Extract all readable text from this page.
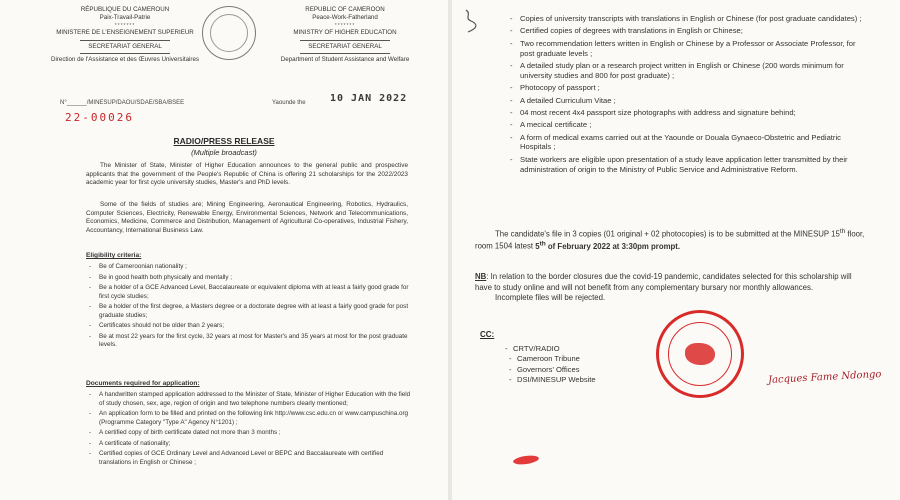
RÉPUBLIQUE DU CAMEROUN
Paix-Travail-Patrie
*******
MINISTERE DE L'ENSEIGNEMENT SUPERIEUR
SECRETARIAT GENERAL
Direction de l'Assistance et des Œuvres Universitaires
REPUBLIC OF CAMEROON
Peace-Work-Fatherland
*******
MINISTRY OF HIGHER EDUCATION
SECRETARIAT GENERAL
Department of Student Assistance and Welfare
N°______/MINESUP/DAOU/SDAE/SBA/BSEE	Yaounde the 10 JAN 2022
22-00026
RADIO/PRESS RELEASE
(Multiple broadcast)
The Minister of State, Minister of Higher Education announces to the general public and prospective applicants that the government of the People's Republic of China is offering 21 scholarships for the 2022/2023 academic year for first cycle university studies, Master's and PhD levels.
Some of the fields of studies are; Mining Engineering, Aeronautical Engineering, Robotics, Hydraulics, Computer Sciences, Electricity, Renewable Energy, Environmental Sciences, Network and Telecommunications, Economics, Medicine, Commerce and Distribution, Management of Agricultural Co-operatives, Industrial Fishery, Accountancy, International Business Law.
Eligibility criteria:
- Be of Cameroonian nationality ;
- Be in good health both physically and mentally ;
- Be a holder of a GCE Advanced Level, Baccalaureate or equivalent diploma with at least a fairly good grade for first cycle studies;
- Be a holder of the first degree, a Masters degree or a doctorate degree with at least a fairly good grade for post graduate studies;
- Certificates should not be older than 2 years;
- Be at most 22 years for the first cycle, 32 years at most for Master's and 35 years at most for the post graduate levels.
Documents required for application:
- A handwritten stamped application addressed to the Minister of State, Minister of Higher Education with the field of study chosen, sex, age, region of origin and two telephone numbers clearly mentioned;
- An application form to be filled and printed on the following link http://www.csc.edu.cn or www.campuschina.org (Programme Category "Type A" Agency N°1201) ;
- A certified copy of birth certificate dated not more than 3 months ;
- A certificate of nationality;
- Certified copies of GCE Ordinary Level and Advanced Level or BEPC and Baccalaureate with certified translations in English or Chinese ;
- Copies of university transcripts with translations in English or Chinese (for post graduate candidates) ;
- Certified copies of degrees with translations in English or Chinese;
- Two recommendation letters written in English or Chinese by a Professor or Associate Professor, for post graduate levels ;
- A detailed study plan or a research project written in English or Chinese (200 words minimum for university studies and 800 for post graduate) ;
- Photocopy of passport ;
- A detailed Curriculum Vitae ;
- 04 most recent 4x4 passport size photographs with address and signature behind;
- A mecical certificate ;
- A form of medical exams carried out at the Yaounde or Douala Gynaeco-Obstetric and Pediatric Hospitals ;
- State workers are eligible upon presentation of a study leave application letter transmitted by their administration of origin to the Ministry of Public Service and Administrative Reform.
The candidate's file in 3 copies (01 original + 02 photocopies) is to be submitted at the MINESUP 15th floor, room 1504 latest 5th of February 2022 at 3:30pm prompt.
NB: In relation to the border closures due the covid-19 pandemic, candidates selected for this scholarship will have to study online and will not benefit from any complementary bursary nor monthly allowances.
Incomplete files will be rejected.
CC:
- CRTV/RADIO
- Cameroon Tribune
- Governors' Offices
- DSI/MINESUP Website	Jacques Fame Ndongo
